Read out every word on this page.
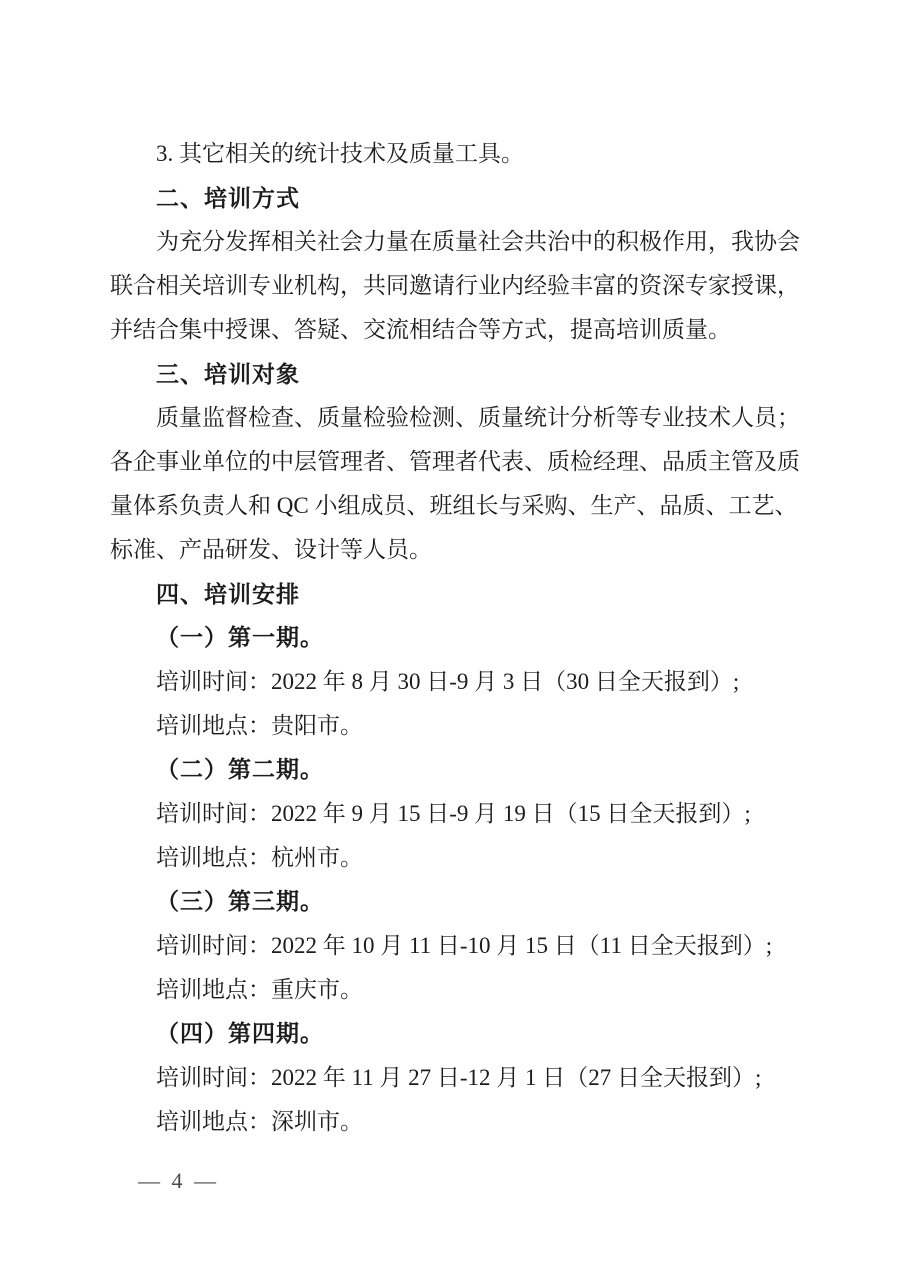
3. 其它相关的统计技术及质量工具。
二、培训方式
为充分发挥相关社会力量在质量社会共治中的积极作用，我协会
联合相关培训专业机构，共同邀请行业内经验丰富的资深专家授课，
并结合集中授课、答疑、交流相结合等方式，提高培训质量。
三、培训对象
质量监督检查、质量检验检测、质量统计分析等专业技术人员；
各企事业单位的中层管理者、管理者代表、质检经理、品质主管及质
量体系负责人和 QC 小组成员、班组长与采购、生产、品质、工艺、
标准、产品研发、设计等人员。
四、培训安排
（一）第一期。
培训时间：2022 年 8 月 30 日-9 月 3 日（30 日全天报到）;
培训地点：贵阳市。
（二）第二期。
培训时间：2022 年 9 月 15 日-9 月 19 日（15 日全天报到）;
培训地点：杭州市。
（三）第三期。
培训时间：2022 年 10 月 11 日-10 月 15 日（11 日全天报到）;
培训地点：重庆市。
（四）第四期。
培训时间：2022 年 11 月 27 日-12 月 1 日（27 日全天报到）;
培训地点：深圳市。
— 4 —
